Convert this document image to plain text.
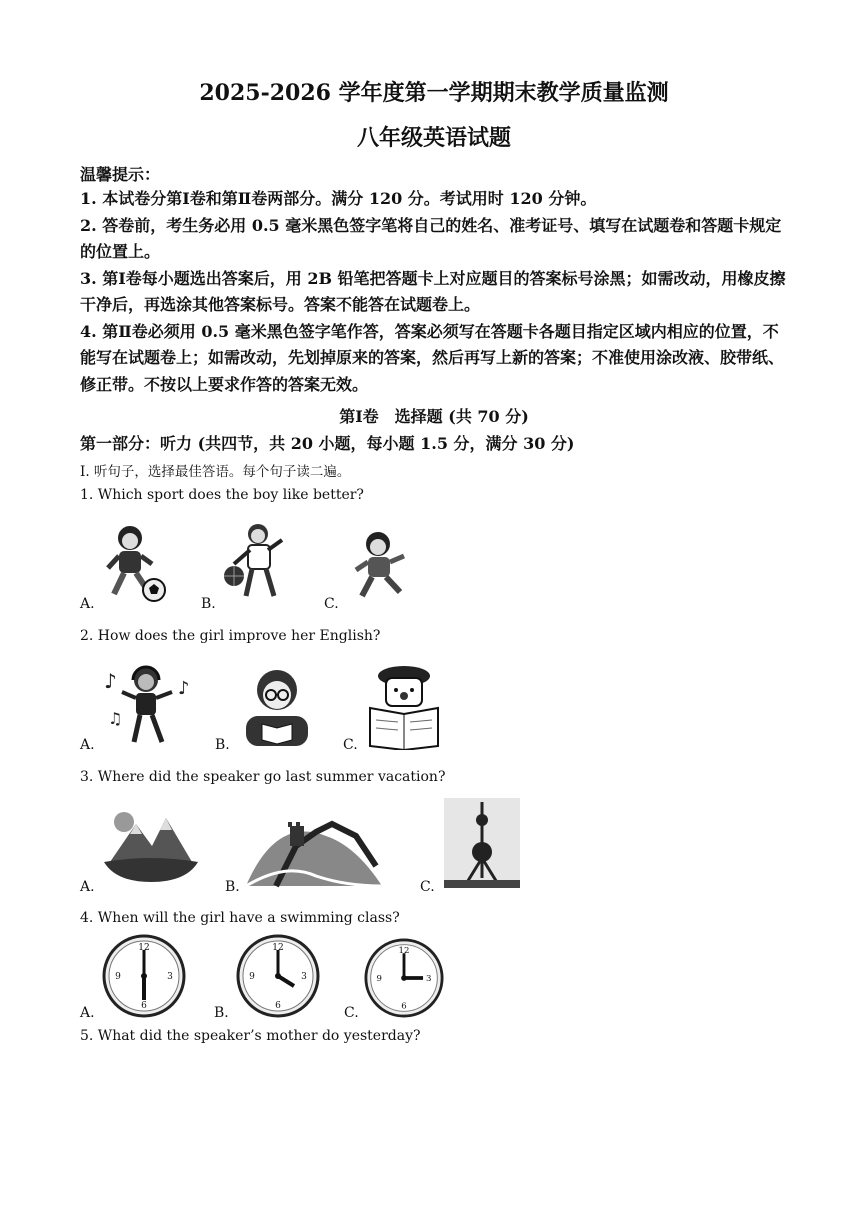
2025-2026 学年度第一学期期末教学质量监测
八年级英语试题
温馨提示：

1. 本试卷分第Ⅰ卷和第Ⅱ卷两部分。满分 120 分。考试用时 120 分钟。

2. 答卷前，考生务必用 0.5 毫米黑色签字笔将自己的姓名、准考证号、填写在试题卷和答题卡规定的位置上。

3. 第Ⅰ卷每小题选出答案后，用 2B 铅笔把答题卡上对应题目的答案标号涂黑；如需改动，用橡皮擦干净后，再选涂其他答案标号。答案不能答在试题卷上。

4. 第Ⅱ卷必须用 0.5 毫米黑色签字笔作答，答案必须写在答题卡各题目指定区域内相应的位置，不能写在试题卷上；如需改动，先划掉原来的答案，然后再写上新的答案；不准使用涂改液、胶带纸、修正带。不按以上要求作答的答案无效。

第Ⅰ卷　选择题 (共 70 分)
第一部分：听力 (共四节，共 20 小题，每小题 1.5 分，满分 30 分)
Ⅰ. 听句子，选择最佳答语。每个句子读二遍。
1. Which sport does the boy like better?
A.	B.	C.
2. How does the girl improve her English?
A.	B.	C.
♪	♪
♫
3. Where did the speaker go last summer vacation?
A.	B.	C.
4. When will the girl have a swimming class?
A.	B.	C.
12
3
6
9
12
3
6
9
12
3
6
9
5. What did the speaker’s mother do yesterday?
